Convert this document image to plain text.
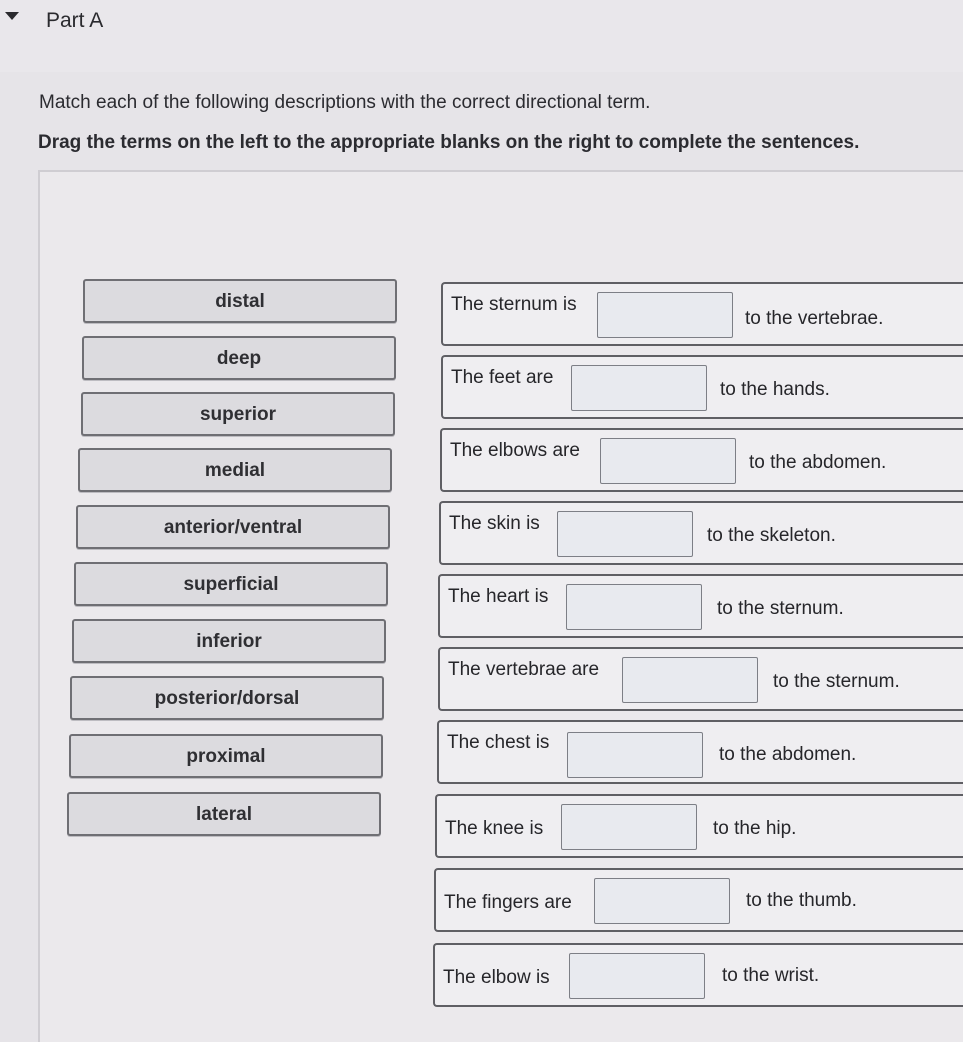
Part A
Match each of the following descriptions with the correct directional term.
Drag the terms on the left to the appropriate blanks on the right to complete the sentences.
distal
deep
superior
medial
anterior/ventral
superficial
inferior
posterior/dorsal
proximal
lateral
The sternum is
to the vertebrae.
The feet are
to the hands.
The elbows are
to the abdomen.
The skin is
to the skeleton.
The heart is
to the sternum.
The vertebrae are
to the sternum.
The chest is
to the abdomen.
The knee is	to the hip.
The fingers are	to the thumb.
The elbow is	to the wrist.
